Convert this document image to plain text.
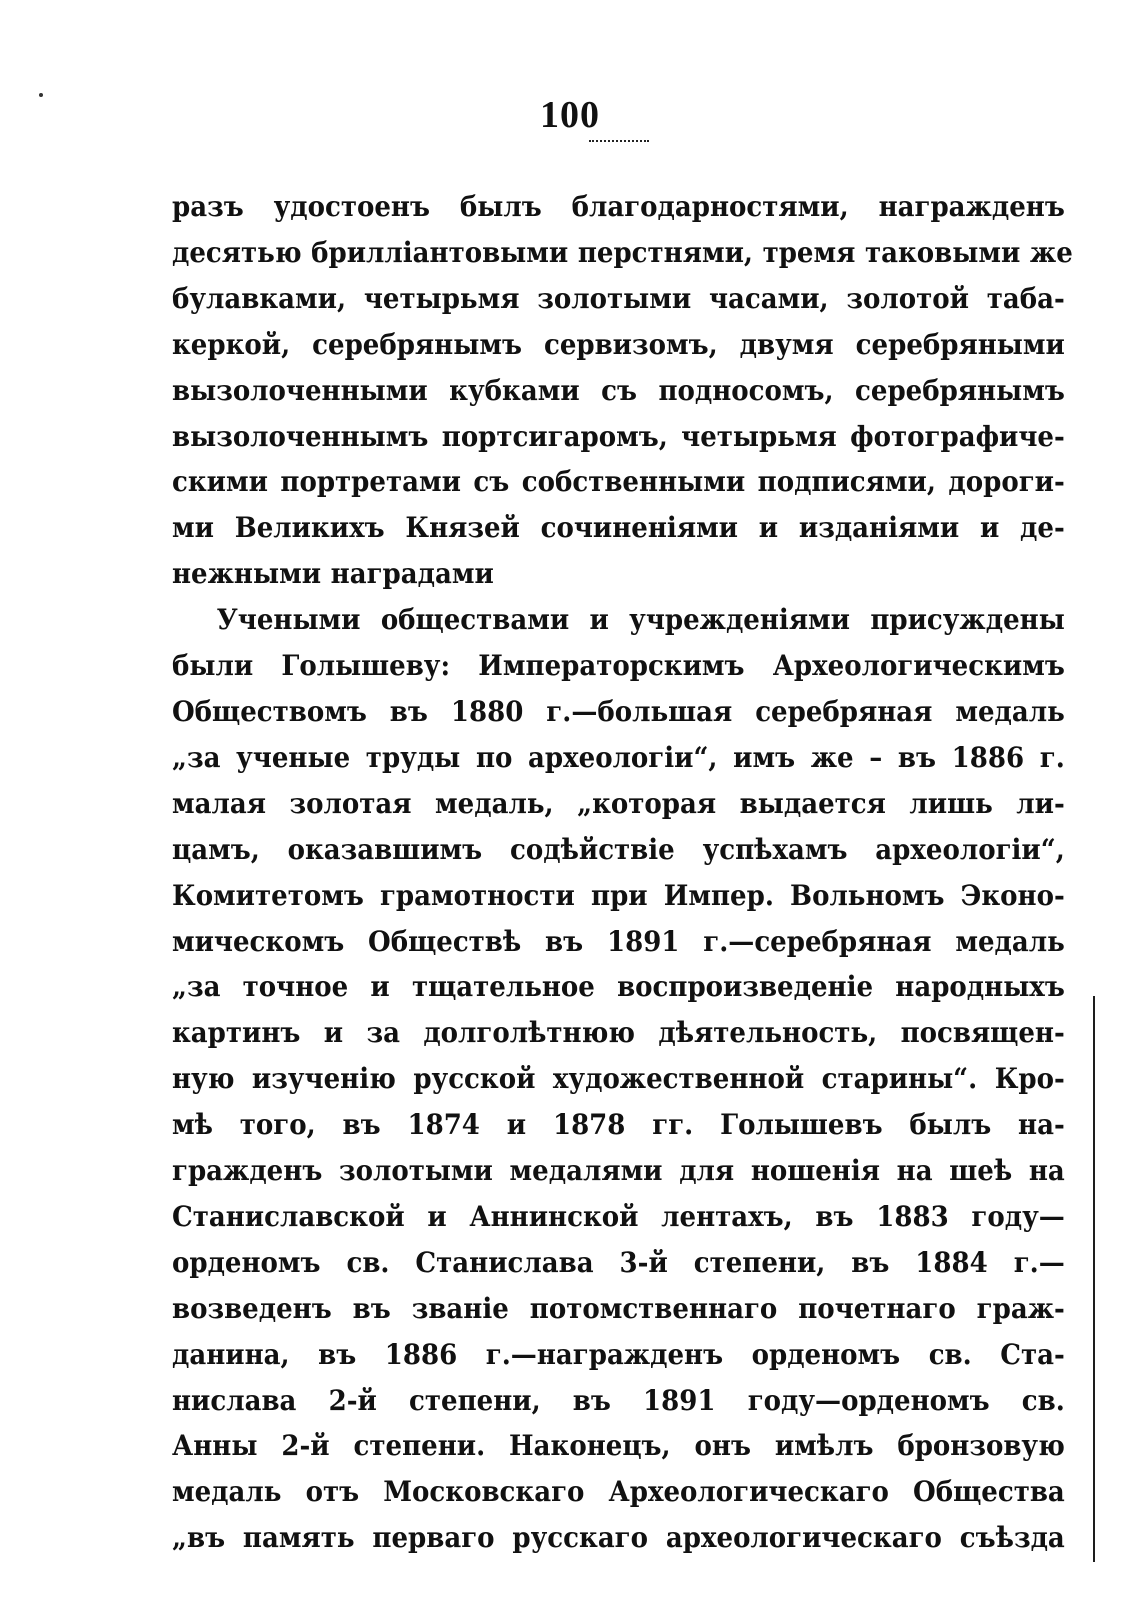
100
разъ удостоенъ былъ благодарностями, награжденъ
десятью бриллiантовыми перстнями, тремя таковыми же
булавками, четырьмя золотыми часами, золотой таба-
керкой, серебрянымъ сервизомъ, двумя серебряными
вызолоченными кубками съ подносомъ, серебрянымъ
вызолоченнымъ портсигаромъ, четырьмя фотографиче-
скими портретами съ собственными подписями, дороги-
ми Великихъ Князей сочиненiями и изданiями и де-
нежными наградами
Учеными обществами и учрежденiями присуждены
были Голышеву: Императорскимъ Археологическимъ
Обществомъ въ 1880 г.—большая серебряная медаль
„за ученые труды по археологiи“, имъ же – въ 1886 г.
малая золотая медаль, „которая выдается лишь ли-
цамъ, оказавшимъ содѣйствiе успѣхамъ археологiи“,
Комитетомъ грамотности при Импер. Вольномъ Эконо-
мическомъ Обществѣ въ 1891 г.—серебряная медаль
„за точное и тщательное воспроизведенiе народныхъ
картинъ и за долголѣтнюю дѣятельность, посвящен-
ную изученiю русской художественной старины“. Кро-
мѣ того, въ 1874 и 1878 гг. Голышевъ былъ на-
гражденъ золотыми медалями для ношенiя на шеѣ на
Станиславской и Аннинской лентахъ, въ 1883 году—
орденомъ св. Станислава 3-й степени, въ 1884 г.—
возведенъ въ званiе потомственнаго почетнаго граж-
данина, въ 1886 г.—награжденъ орденомъ св. Ста-
нислава 2-й степени, въ 1891 году—орденомъ св.
Анны 2-й степени. Наконецъ, онъ имѣлъ бронзовую
медаль отъ Московскаго Археологическаго Общества
„въ память перваго русскаго археологическаго съѣзда
